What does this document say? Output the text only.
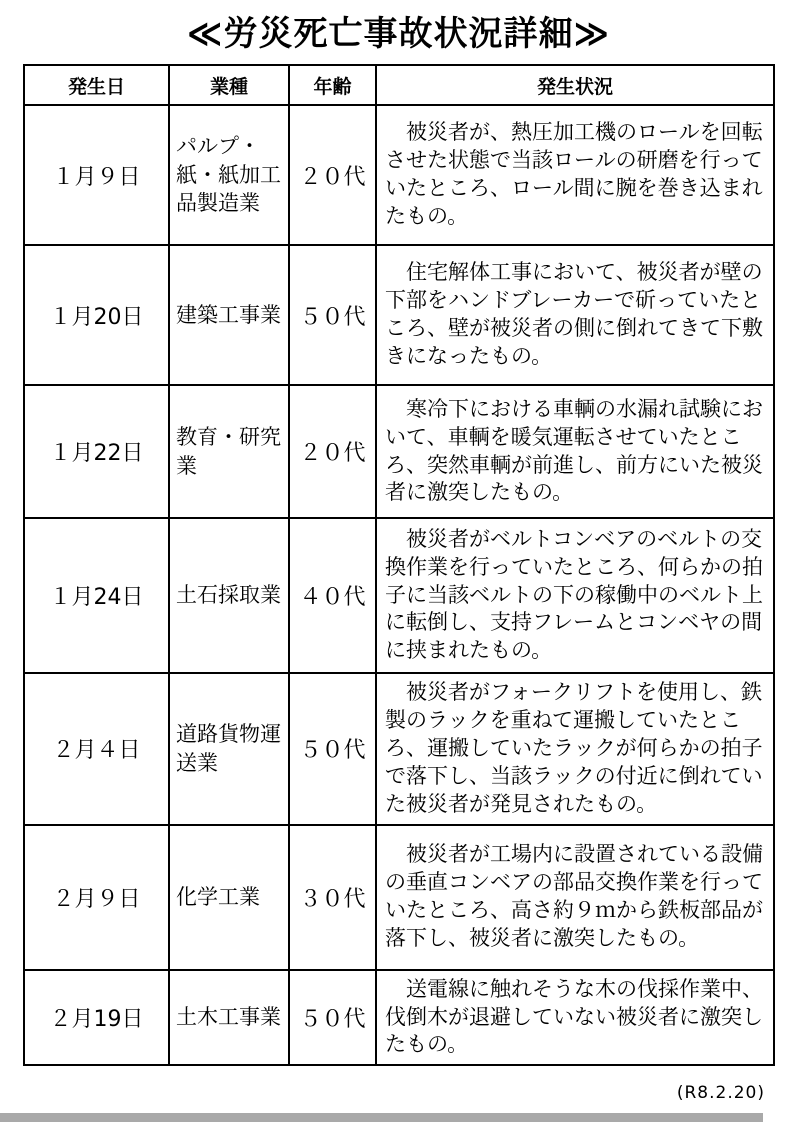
≪労災死亡事故状況詳細≫
発生日	業種	年齢	発生状況
１月９日	パルプ・紙・紙加工品製造業	２０代	被災者が、熱圧加工機のロールを回転させた状態で当該ロールの研磨を行っていたところ、ロール間に腕を巻き込まれたもの。
１月20日	建築工事業	５０代	住宅解体工事において、被災者が壁の下部をハンドブレーカーで斫っていたところ、壁が被災者の側に倒れてきて下敷きになったもの。
１月22日	教育・研究業	２０代	寒冷下における車輌の水漏れ試験において、車輌を暖気運転させていたところ、突然車輌が前進し、前方にいた被災者に激突したもの。
１月24日	土石採取業	４０代	被災者がベルトコンベアのベルトの交換作業を行っていたところ、何らかの拍子に当該ベルトの下の稼働中のベルト上に転倒し、支持フレームとコンベヤの間に挟まれたもの。
２月４日	道路貨物運送業	５０代	被災者がフォークリフトを使用し、鉄製のラックを重ねて運搬していたところ、運搬していたラックが何らかの拍子で落下し、当該ラックの付近に倒れていた被災者が発見されたもの。
２月９日	化学工業	３０代	被災者が工場内に設置されている設備の垂直コンベアの部品交換作業を行っていたところ、高さ約９ｍから鉄板部品が落下し、被災者に激突したもの。
２月19日	土木工事業	５０代	送電線に触れそうな木の伐採作業中、伐倒木が退避していない被災者に激突したもの。
(R8.2.20)
